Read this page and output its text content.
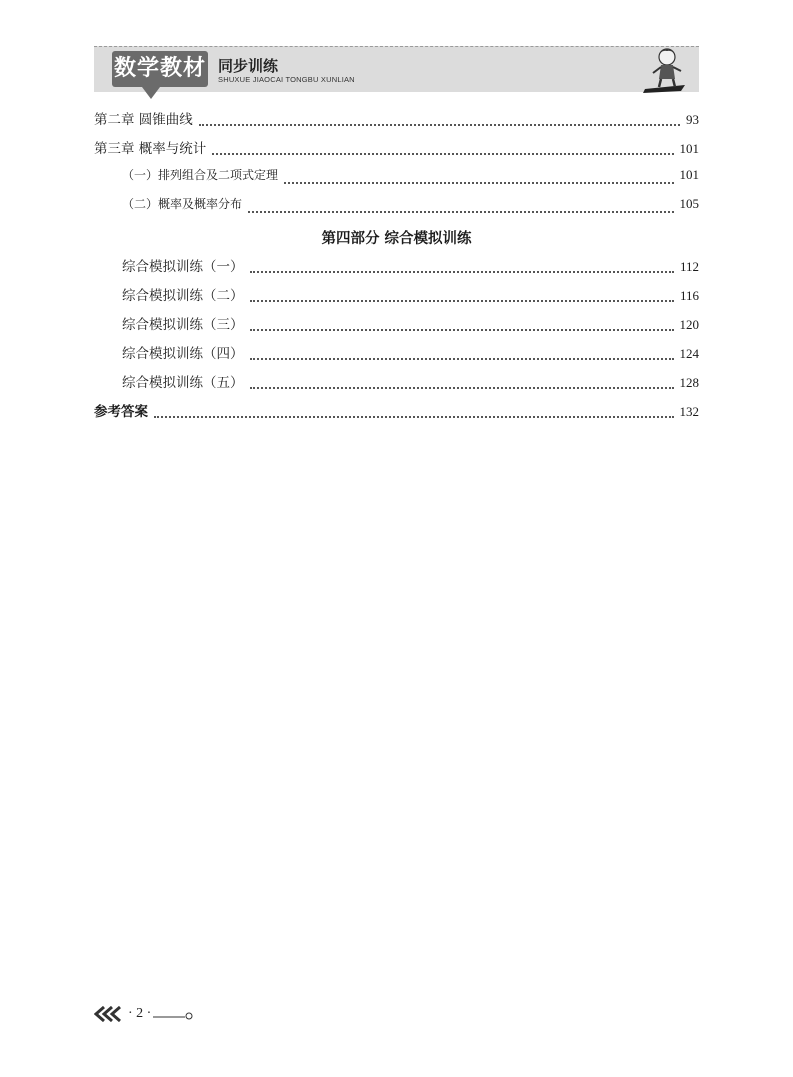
数学教材 同步训练
SHUXUE JIAOCAI TONGBU XUNLIAN
第二章 圆锥曲线	93
第三章 概率与统计	101
（一）排列组合及二项式定理	101
（二）概率及概率分布	105
第四部分 综合模拟训练
综合模拟训练（一）	112
综合模拟训练（二）	116
综合模拟训练（三）	120
综合模拟训练（四）	124
综合模拟训练（五）	128
参考答案	132
· 2 ·
